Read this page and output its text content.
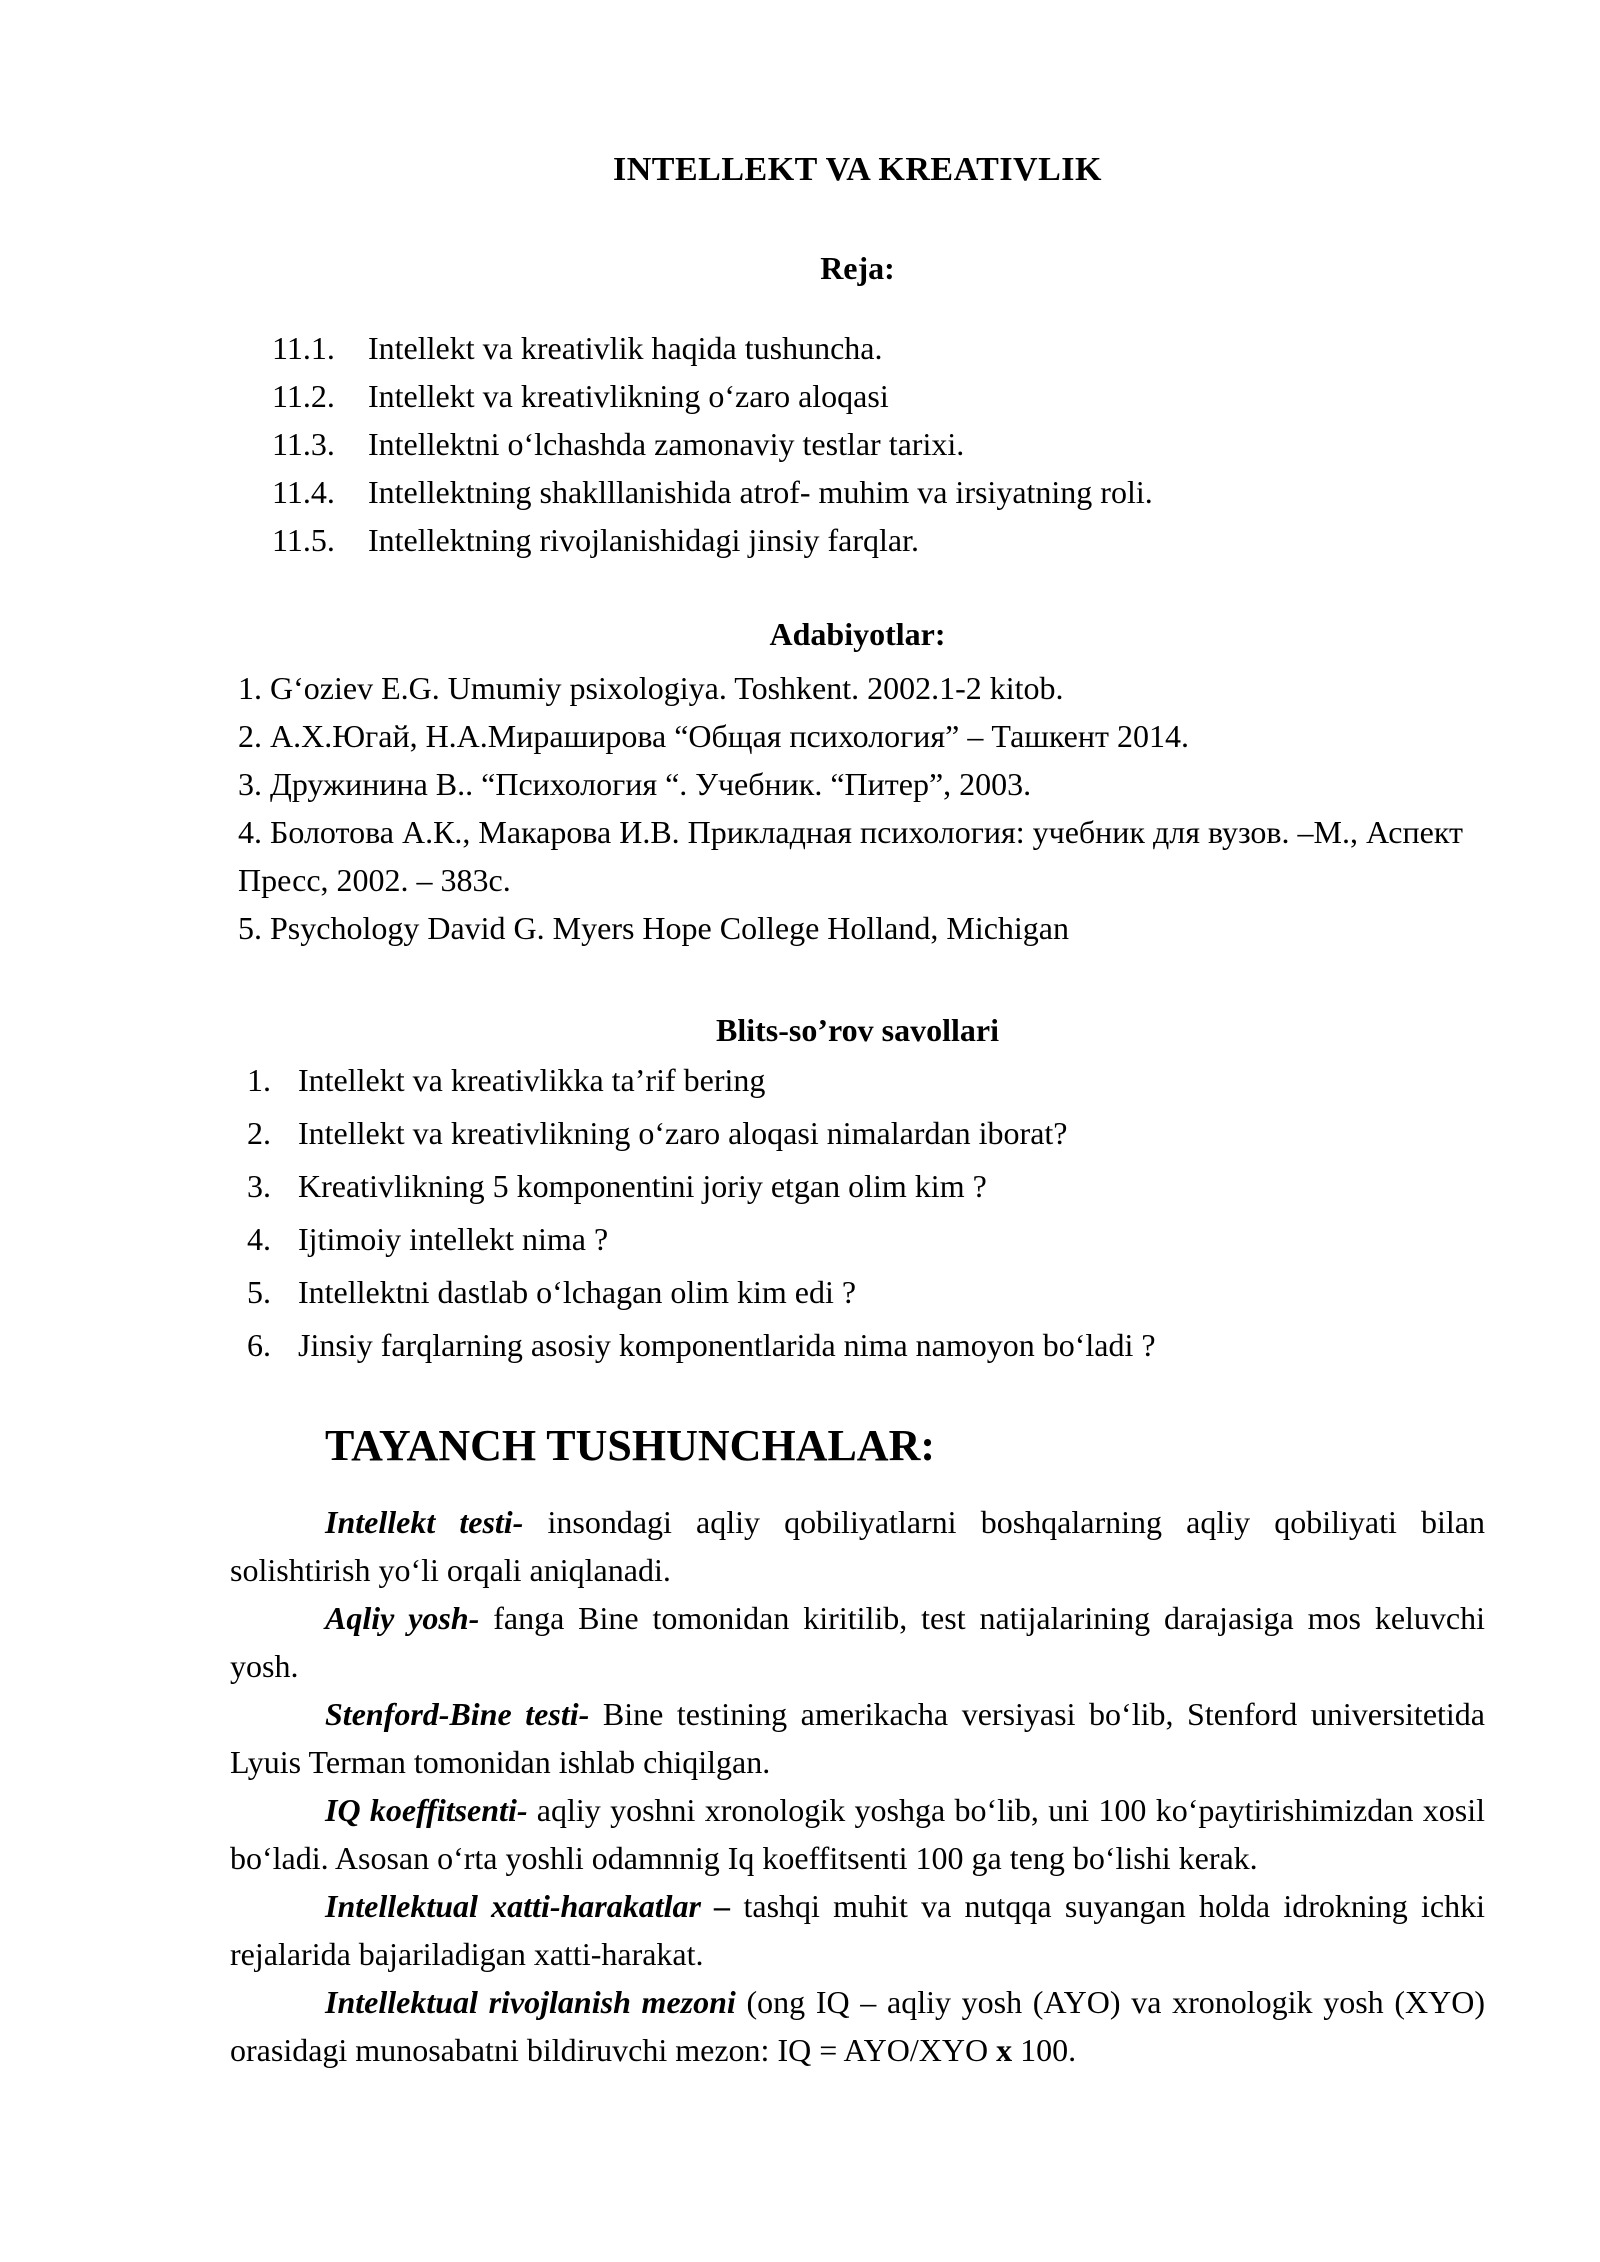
INTELLEKT VA KREATIVLIK
Reja:
11.1.	Intellekt va kreativlik haqida tushuncha.
11.2.	Intellekt va kreativlikning o‘zaro aloqasi
11.3.	Intellektni o‘lchashda zamonaviy testlar tarixi.
11.4.	Intellektning shaklllanishida atrof- muhim va irsiyatning roli.
11.5.	Intellektning rivojlanishidagi jinsiy farqlar.
Adabiyotlar:
1. G‘oziev E.G. Umumiy psixologiya. Toshkent. 2002.1-2 kitob.
2. А.Х.Югай, Н.А.Мираширова “Общая психология” – Ташкент 2014.
3. Дружинина В.. “Психология “. Учебник. “Питер”, 2003.
4. Болотова А.К., Макарова И.В. Прикладная психология: учебник для вузов. –М., Аспект Пресс, 2002. – 383с.
5. Psychology David G. Myers Hope College Holland, Michigan
Blits-so’rov savollari
1. Intellekt va kreativlikka ta’rif bering
2. Intellekt va kreativlikning o‘zaro aloqasi nimalardan iborat?
3. Kreativlikning 5 komponentini joriy etgan olim kim ?
4. Ijtimoiy intellekt nima ?
5. Intellektni dastlab o‘lchagan olim kim edi ?
6. Jinsiy farqlarning asosiy komponentlarida nima namoyon bo‘ladi ?
TAYANCH TUSHUNCHALAR:

Intellekt testi- insondagi aqliy qobiliyatlarni boshqalarning aqliy qobiliyati bilan solishtirish yo‘li orqali aniqlanadi.

Aqliy yosh- fanga Bine tomonidan kiritilib, test natijalarining darajasiga mos keluvchi yosh.

Stenford-Bine testi- Bine testining amerikacha versiyasi bo‘lib, Stenford universitetida Lyuis Terman tomonidan ishlab chiqilgan.

IQ koeffitsenti- aqliy yoshni xronologik yoshga bo‘lib, uni 100 ko‘paytirishimizdan xosil bo‘ladi. Asosan o‘rta yoshli odamnnig Iq koeffitsenti 100 ga teng bo‘lishi kerak.

Intellektual xatti-harakatlar – tashqi muhit va nutqqa suyangan holda idrokning ichki rejalarida bajariladigan xatti-harakat.

Intellektual rivojlanish mezoni (ong IQ – aqliy yosh (AYO) va xronologik yosh (XYO) orasidagi munosabatni bildiruvchi mezon: IQ = AYO/XYO x 100.
